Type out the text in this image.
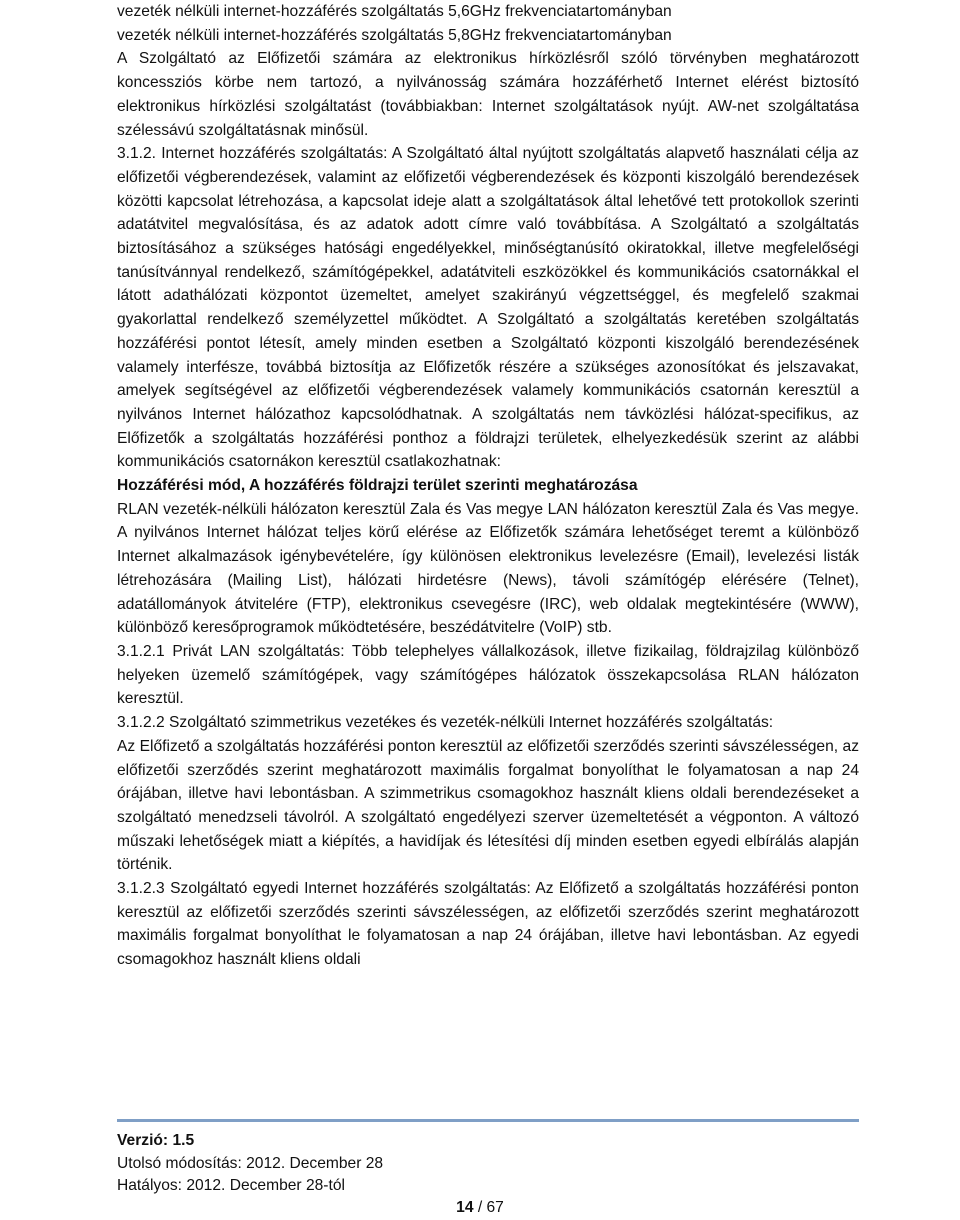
vezeték nélküli internet-hozzáférés szolgáltatás 5,6GHz frekvenciatartományban

vezeték nélküli internet-hozzáférés szolgáltatás 5,8GHz frekvenciatartományban

A Szolgáltató az Előfizetői számára az elektronikus hírközlésről szóló törvényben meghatározott koncessziós körbe nem tartozó, a nyilvánosság számára hozzáférhető Internet elérést biztosító elektronikus hírközlési szolgáltatást (továbbiakban: Internet szolgáltatások nyújt. AW-net szolgáltatása szélessávú szolgáltatásnak minősül.

3.1.2. Internet hozzáférés szolgáltatás: A Szolgáltató által nyújtott szolgáltatás alapvető használati célja az előfizetői végberendezések, valamint az előfizetői végberendezések és központi kiszolgáló berendezések közötti kapcsolat létrehozása, a kapcsolat ideje alatt a szolgáltatások által lehetővé tett protokollok szerinti adatátvitel megvalósítása, és az adatok adott címre való továbbítása. A Szolgáltató a szolgáltatás biztosításához a szükséges hatósági engedélyekkel, minőségtanúsító okiratokkal, illetve megfelelőségi tanúsítvánnyal rendelkező, számítógépekkel, adatátviteli eszközökkel és kommunikációs csatornákkal el látott adathálózati központot üzemeltet, amelyet szakirányú végzettséggel, és megfelelő szakmai gyakorlattal rendelkező személyzettel működtet. A Szolgáltató a szolgáltatás keretében szolgáltatás hozzáférési pontot létesít, amely minden esetben a Szolgáltató központi kiszolgáló berendezésének valamely interfésze, továbbá biztosítja az Előfizetők részére a szükséges azonosítókat és jelszavakat, amelyek segítségével az előfizetői végberendezések valamely kommunikációs csatornán keresztül a nyilvános Internet hálózathoz kapcsolódhatnak. A szolgáltatás nem távközlési hálózat-specifikus, az Előfizetők a szolgáltatás hozzáférési ponthoz a földrajzi területek, elhelyezkedésük szerint az alábbi kommunikációs csatornákon keresztül csatlakozhatnak:

Hozzáférési mód, A hozzáférés földrajzi terület szerinti meghatározása

RLAN vezeték-nélküli hálózaton keresztül Zala és Vas megye LAN hálózaton keresztül Zala és Vas megye. A nyilvános Internet hálózat teljes körű elérése az Előfizetők számára lehetőséget teremt a különböző Internet alkalmazások igénybevételére, így különösen elektronikus levelezésre (Email), levelezési listák létrehozására (Mailing List), hálózati hirdetésre (News), távoli számítógép elérésére (Telnet), adatállományok átvitelére (FTP), elektronikus csevegésre (IRC), web oldalak megtekintésére (WWW), különböző keresőprogramok működtetésére, beszédátvitelre (VoIP) stb.

3.1.2.1 Privát LAN szolgáltatás: Több telephelyes vállalkozások, illetve fizikailag, földrajzilag különböző helyeken üzemelő számítógépek, vagy számítógépes hálózatok összekapcsolása RLAN hálózaton keresztül.

3.1.2.2 Szolgáltató szimmetrikus vezetékes és vezeték-nélküli Internet hozzáférés szolgáltatás:

Az Előfizető a szolgáltatás hozzáférési ponton keresztül az előfizetői szerződés szerinti sávszélességen, az előfizetői szerződés szerint meghatározott maximális forgalmat bonyolíthat le folyamatosan a nap 24 órájában, illetve havi lebontásban. A szimmetrikus csomagokhoz használt kliens oldali berendezéseket a szolgáltató menedzseli távolról. A szolgáltató engedélyezi szerver üzemeltetését a végponton. A változó műszaki lehetőségek miatt a kiépítés, a havidíjak és létesítési díj minden esetben egyedi elbírálás alapján történik.

3.1.2.3 Szolgáltató egyedi Internet hozzáférés szolgáltatás: Az Előfizető a szolgáltatás hozzáférési ponton keresztül az előfizetői szerződés szerinti sávszélességen, az előfizetői szerződés szerint meghatározott maximális forgalmat bonyolíthat le folyamatosan a nap 24 órájában, illetve havi lebontásban. Az egyedi csomagokhoz használt kliens oldali

Verzió: 1.5
Utolsó módosítás: 2012. December 28
Hatályos: 2012. December 28-tól
14 / 67
